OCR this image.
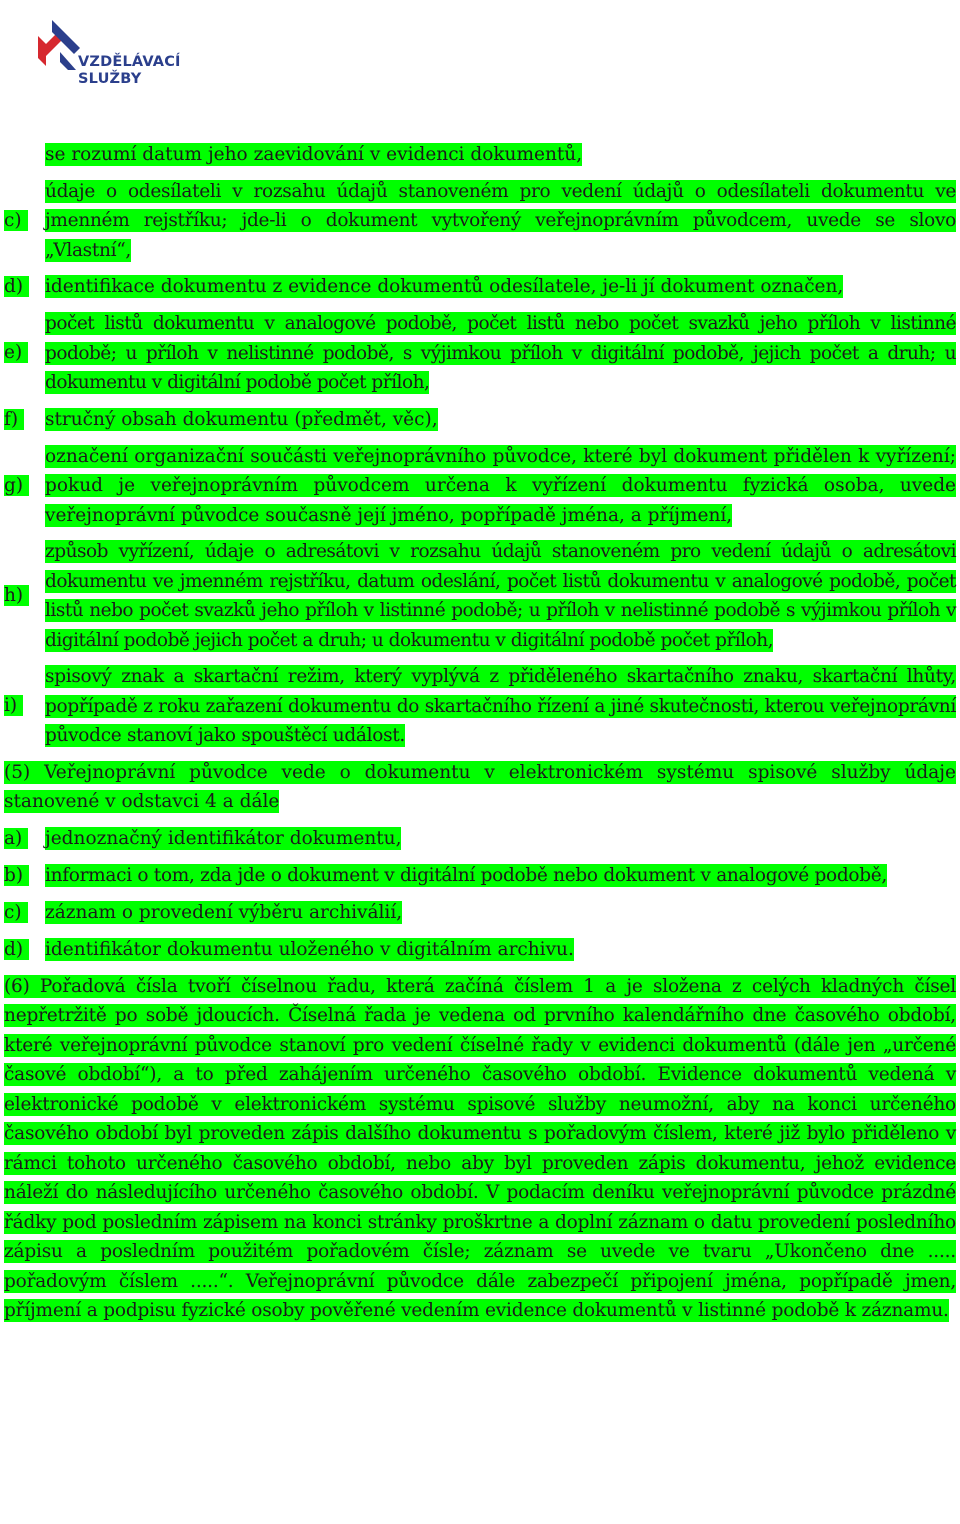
VZDĚLÁVACÍ
SLUŽBY
se rozumí datum jeho zaevidování v evidenci dokumentů,
c)
údaje o odesílateli v rozsahu údajů stanoveném pro vedení údajů o odesílateli dokumentu ve jmenném rejstříku; jde-li o dokument vytvořený veřejnoprávním původcem, uvede se slovo „Vlastní“,
d)	identifikace dokumentu z evidence dokumentů odesílatele, je-li jí dokument označen,
e)
počet listů dokumentu v analogové podobě, počet listů nebo počet svazků jeho příloh v listinné podobě; u příloh v nelistinné podobě, s výjimkou příloh v digitální podobě, jejich počet a druh; u dokumentu v digitální podobě počet příloh,
f)	stručný obsah dokumentu (předmět, věc),
g)
označení organizační součásti veřejnoprávního původce, které byl dokument přidělen k vyřízení; pokud je veřejnoprávním původcem určena k vyřízení dokumentu fyzická osoba, uvede veřejnoprávní původce současně její jméno, popřípadě jména, a příjmení,
h)
způsob vyřízení, údaje o adresátovi v rozsahu údajů stanoveném pro vedení údajů o adresátovi dokumentu ve jmenném rejstříku, datum odeslání, počet listů dokumentu v analogové podobě, počet listů nebo počet svazků jeho příloh v listinné podobě; u příloh v nelistinné podobě s výjimkou příloh v digitální podobě jejich počet a druh; u dokumentu v digitální podobě počet příloh,
i)
spisový znak a skartační režim, který vyplývá z přiděleného skartačního znaku, skartační lhůty, popřípadě z roku zařazení dokumentu do skartačního řízení a jiné skutečnosti, kterou veřejnoprávní původce stanoví jako spouštěcí událost.
(5) Veřejnoprávní původce vede o dokumentu v elektronickém systému spisové služby údaje stanovené v odstavci 4 a dále
a)	jednoznačný identifikátor dokumentu,
b)	informaci o tom, zda jde o dokument v digitální podobě nebo dokument v analogové podobě,
c)	záznam o provedení výběru archiválií,
d)	identifikátor dokumentu uloženého v digitálním archivu.
(6) Pořadová čísla tvoří číselnou řadu, která začíná číslem 1 a je složena z celých kladných čísel nepřetržitě po sobě jdoucích. Číselná řada je vedena od prvního kalendářního dne časového období, které veřejnoprávní původce stanoví pro vedení číselné řady v evidenci dokumentů (dále jen „určené časové období“), a to před zahájením určeného časového období. Evidence dokumentů vedená v elektronické podobě v elektronickém systému spisové služby neumožní, aby na konci určeného časového období byl proveden zápis dalšího dokumentu s pořadovým číslem, které již bylo přiděleno v rámci tohoto určeného časového období, nebo aby byl proveden zápis dokumentu, jehož evidence náleží do následujícího určeného časového období. V podacím deníku veřejnoprávní původce prázdné řádky pod posledním zápisem na konci stránky proškrtne a doplní záznam o datu provedení posledního zápisu a posledním použitém pořadovém čísle; záznam se uvede ve tvaru „Ukončeno dne ..... pořadovým číslem .....“. Veřejnoprávní původce dále zabezpečí připojení jména, popřípadě jmen, příjmení a podpisu fyzické osoby pověřené vedením evidence dokumentů v listinné podobě k záznamu.
